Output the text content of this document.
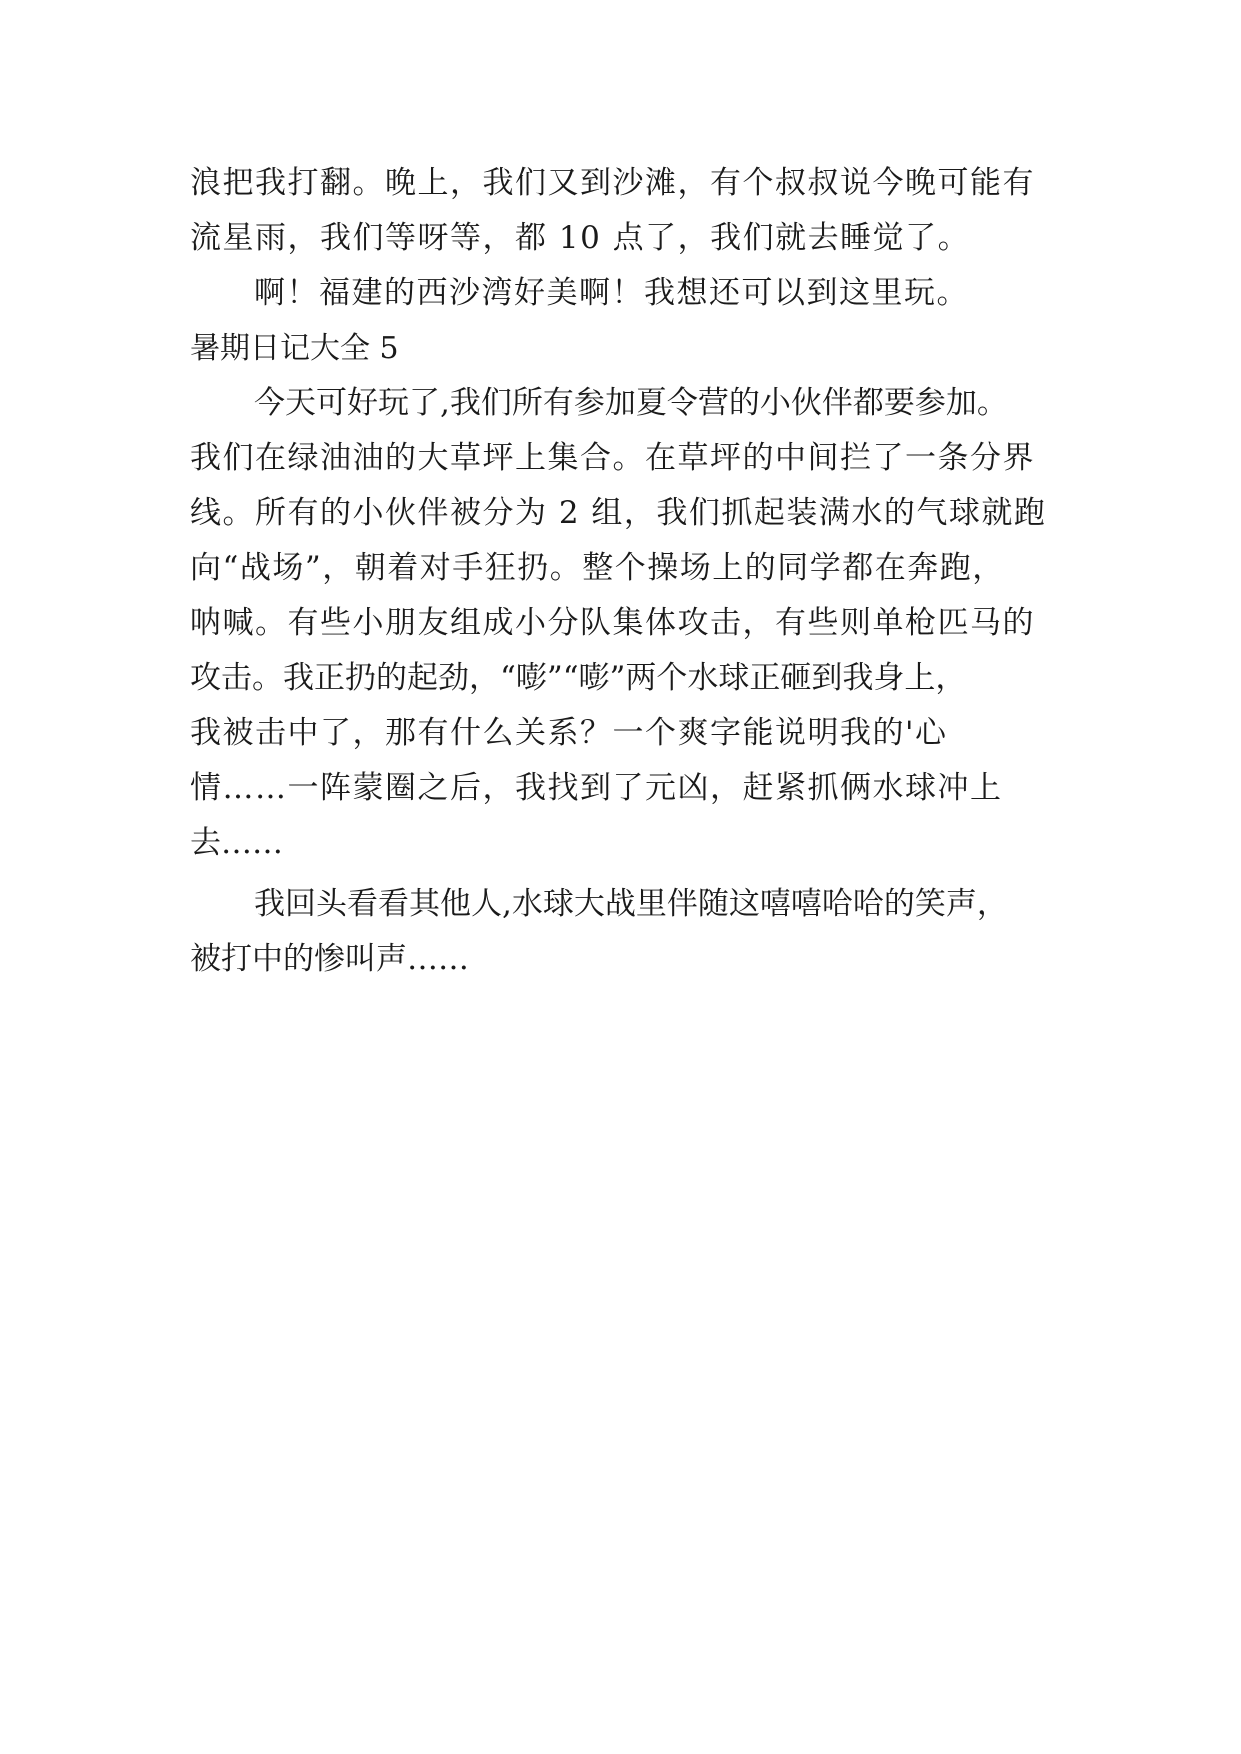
浪把我打翻。晚上，我们又到沙滩，有个叔叔说今晚可能有
流星雨，我们等呀等，都 10 点了，我们就去睡觉了。
啊！福建的西沙湾好美啊！我想还可以到这里玩。
暑期日记大全 5
今天可好玩了,我们所有参加夏令营的小伙伴都要参加。
我们在绿油油的大草坪上集合。在草坪的中间拦了一条分界
线。所有的小伙伴被分为 2 组，我们抓起装满水的气球就跑
向“战场”，朝着对手狂扔。整个操场上的同学都在奔跑，
呐喊。有些小朋友组成小分队集体攻击，有些则单枪匹马的
攻击。我正扔的起劲，“嘭”“嘭”两个水球正砸到我身上，
我被击中了，那有什么关系？一个爽字能说明我的'心
情……一阵蒙圈之后，我找到了元凶，赶紧抓俩水球冲上
去……
我回头看看其他人,水球大战里伴随这嘻嘻哈哈的笑声，
被打中的惨叫声……
